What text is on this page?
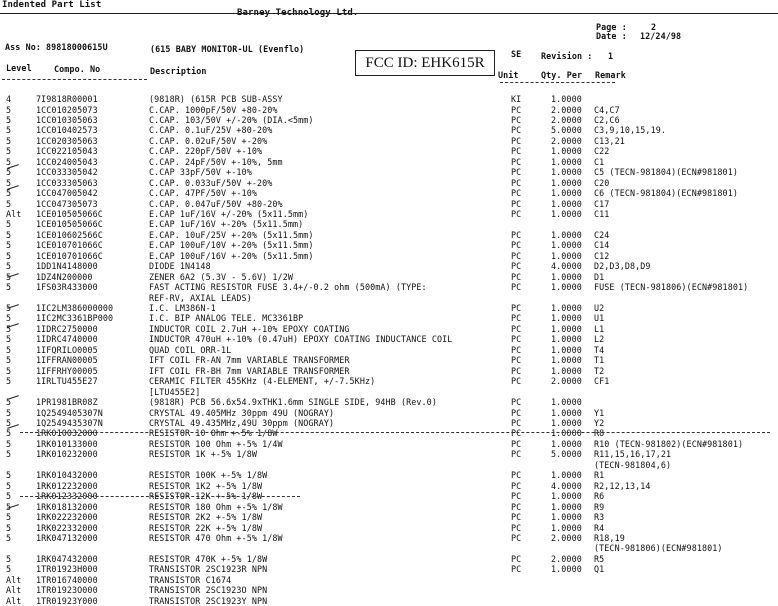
Indented Part List
Barney Technology Ltd.
Page :	2
Date : 12/24/98
Ass No: 89818000615U	(615 BABY MONITOR-UL (Evenflo)
FCC ID: EHK615R
SE Revision : 1
Level	Compo. No	Description	Unit	Qty. Per Remark
4	7I9818R00001	(9818R) (615R PCB SUB-ASSY	KI	1.0000
5	1CC010205073	C.CAP. 1000pF/50V +80-20%	PC	2.0000 C4,C7
5	1CC010305063	C.CAP. 103/50V +/-20% (DIA.<5mm)	PC	2.0000 C2,C6
5	1CC010402573	C.CAP. 0.1uF/25V +80-20%	PC	5.0000 C3,9,10,15,19.
5	1CC020305063	C.CAP. 0.02uF/50V +-20%	PC	2.0000 C13,21
5	1CC022105043	C.CAP. 220pF/50V +-10%	PC	1.0000 C22
5	1CC024005043	C.CAP. 24pF/50V +-10%, 5mm	PC	1.0000 C1
5	1CC033305042	C.CAP 33pF/50V +-10%	PC	1.0000 C5 (TECN-981804)(ECN#981801)
5	1CC033305063	C.CAP. 0.033uF/50V +-20%	PC	1.0000 C20
5	1CC047005042	C.CAP. 47PF/50V +-10%	PC	1.0000 C6 (TECN-981804)(ECN#981801)
5	1CC047305073	C.CAP. 0.047uF/50V +80-20%	PC	1.0000 C17
Alt 1CE010505066C	E.CAP 1uF/16V +/-20% (5x11.5mm)	PC	1.0000 C11
5	1CE010505066C	E.CAP 1uF/16V +-20% (5x11.5mm)
5	1CE010602566C	E.CAP. 10uF/25V +-20% (5x11.5mm)	PC	1.0000 C24
5	1CE010701066C	E.CAP 100uF/10V +-20% (5x11.5mm)	PC	1.0000 C14
5	1CE010701066C	E.CAP 100uF/16V +-20% (5x11.5mm)	PC	1.0000 C12
5	1DD1N4148000	DIODE 1N4148	PC	4.0000 D2,D3,D8,D9
5	1DZ4N200000	ZENER 6A2 (5.3V - 5.6V) 1/2W	PC	1.0000 D1
5	1FS03R433000	FAST ACTING RESISTOR FUSE 3.4+/-0.2 ohm (500mA) (TYPE:	PC	1.0000 FUSE (TECN-981806)(ECN#981801)
REF-RV, AXIAL LEADS)
5	1IC2LM386000000	I.C. LM386N-1	PC	1.0000 U2
5	1IC2MC3361BP000	I.C. BIP ANALOG TELE. MC3361BP	PC	1.0000 U1
5	1IDRC2750000	INDUCTOR COIL 2.7uH +-10% EPOXY COATING	PC	1.0000 L1
5	1IDRC4740000	INDUCTOR 470uH +-10% (0.47uH) EPOXY COATING INDUCTANCE COIL	PC	1.0000 L2
5	1IFQRILO0005	QUAD COIL ORR-1L	PC	1.0000 T4
5	1IFFRAN00005	IFT COIL FR-AN 7mm VARIABLE TRANSFORMER	PC	1.0000 T1
5	1IFFRHY00005	IFT COIL FR-BH 7mm VARIABLE TRANSFORMER	PC	1.0000 T2
5	1IRLTU455E27	CERAMIC FILTER 455KHz (4-ELEMENT, +/-7.5KHz)	PC	2.0000 CF1
[LTU455E2]
5	1PR1981BR08Z	(9818R) PCB 56.6x54.9xTHK1.6mm SINGLE SIDE, 94HB (Rev.0)	PC	1.0000
5	1Q2549405307N	CRYSTAL 49.405MHz 30ppm 49U (NOGRAY)	PC	1.0000 Y1
5	1Q2549435307N	CRYSTAL 49.435MHz,49U 30ppm (NOGRAY)	PC	1.0000 Y2
5	1RK010032000	RESISTOR 10 Ohm +-5% 1/8W	PC	1.0000 R8
5	1RK010133000	RESISTOR 100 Ohm +-5% 1/4W	PC	1.0000 R10 (TECN-981802)(ECN#981801)
5	1RK010232000	RESISTOR 1K +-5% 1/8W	PC	5.0000 R11,15,16,17,21
(TECN-981804,6)
5	1RK010432000	RESISTOR 100K +-5% 1/8W	PC	1.0000 R1
5	1RK012232000	RESISTOR 1K2 +-5% 1/8W	PC	4.0000 R2,12,13,14
5	1RK012332000	RESISTOR 12K +-5% 1/8W	PC	1.0000 R6
5	1RK018132000	RESISTOR 180 Ohm +-5% 1/8W	PC	1.0000 R9
5	1RK022232000	RESISTOR 2K2 +-5% 1/8W	PC	1.0000 R3
5	1RK022332000	RESISTOR 22K +-5% 1/8W	PC	1.0000 R4
5	1RK047132000	RESISTOR 470 Ohm +-5% 1/8W	PC	2.0000 R18,19
(TECN-981806)(ECN#981801)
5	1RK047432000	RESISTOR 470K +-5% 1/8W	PC	2.0000 R5
5	1TR01923H000	TRANSISTOR 2SC1923R NPN	PC	1.0000 Q1
Alt 1TR016740000	TRANSISTOR C1674
Alt 1TR01923O000	TRANSISTOR 2SC1923O NPN
Alt 1TR01923Y000	TRANSISTOR 2SC1923Y NPN
